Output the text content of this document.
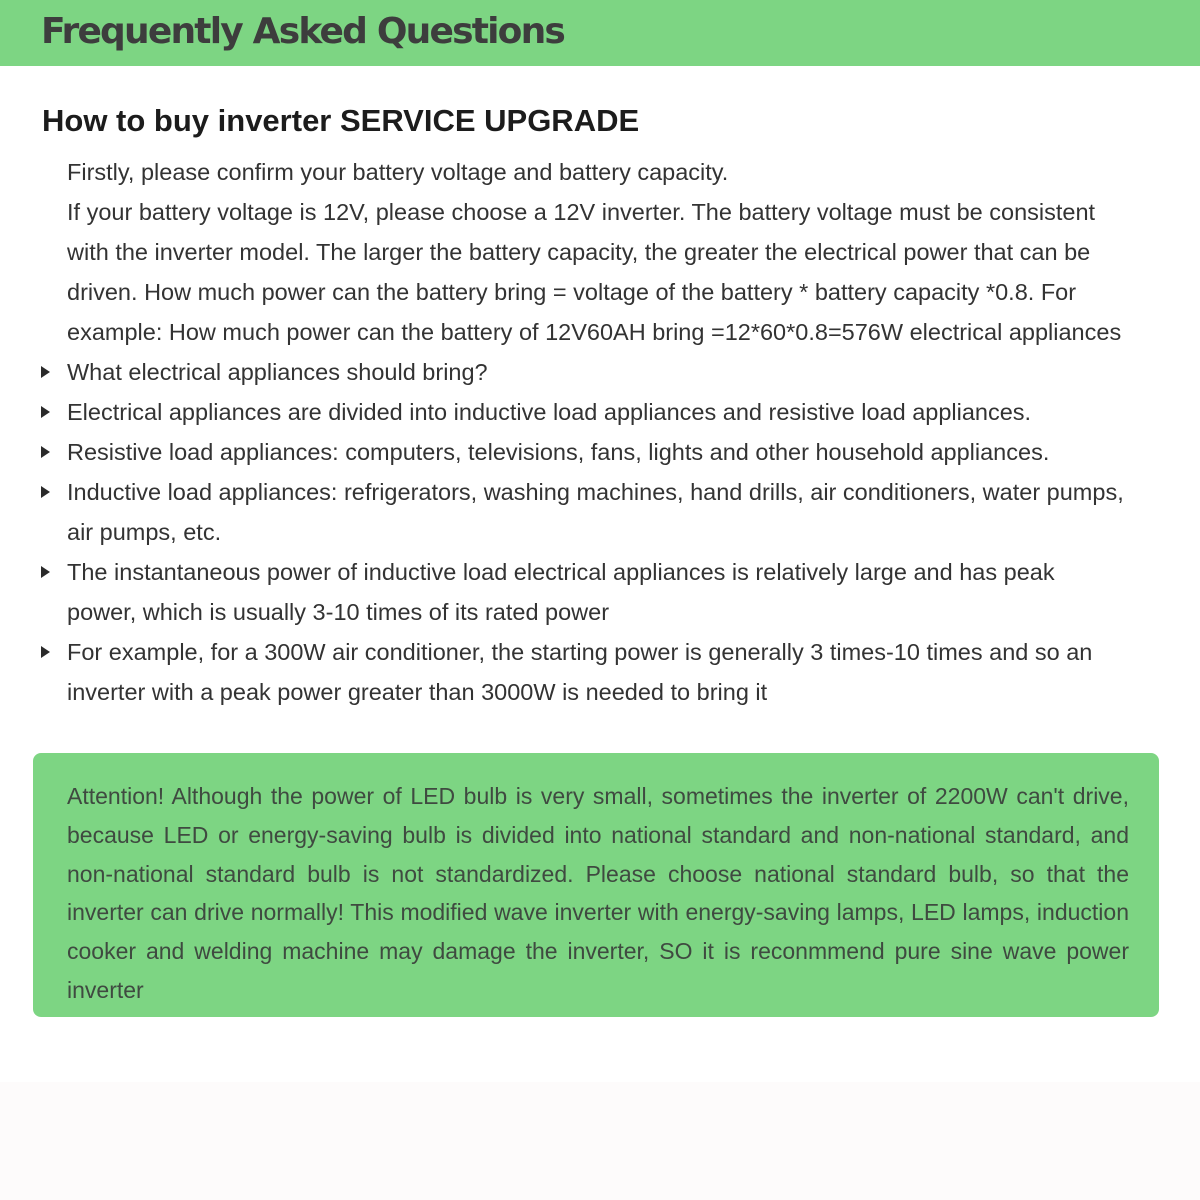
Frequently Asked Questions
How to buy inverter SERVICE UPGRADE

Firstly, please confirm your battery voltage and battery capacity.

If your battery voltage is 12V, please choose a 12V inverter. The battery voltage must be consistent with the inverter model. The larger the battery capacity, the greater the electrical power that can be driven. How much power can the battery bring = voltage of the battery * battery capacity *0.8. For example: How much power can the battery of 12V60AH bring =12*60*0.8=576W electrical appliances

What electrical appliances should bring?
Electrical appliances are divided into inductive load appliances and resistive load appliances.
Resistive load appliances: computers, televisions, fans, lights and other household appliances.
Inductive load appliances: refrigerators, washing machines, hand drills, air conditioners, water pumps, air pumps, etc.
The instantaneous power of inductive load electrical appliances is relatively large and has peak power, which is usually 3-10 times of its rated power
For example, for a 300W air conditioner, the starting power is generally 3 times-10 times and so an inverter with a peak power greater than 3000W is needed to bring it

Attention! Although the power of LED bulb is very small, sometimes the inverter of 2200W can't drive, because LED or energy-saving bulb is divided into national standard and non-national standard, and non-national standard bulb is not standardized. Please choose national standard bulb, so that the inverter can drive normally! This modified wave inverter with energy-saving lamps, LED lamps, induction cooker and welding machine may damage the inverter, SO it is reconmmend pure sine wave power inverter
